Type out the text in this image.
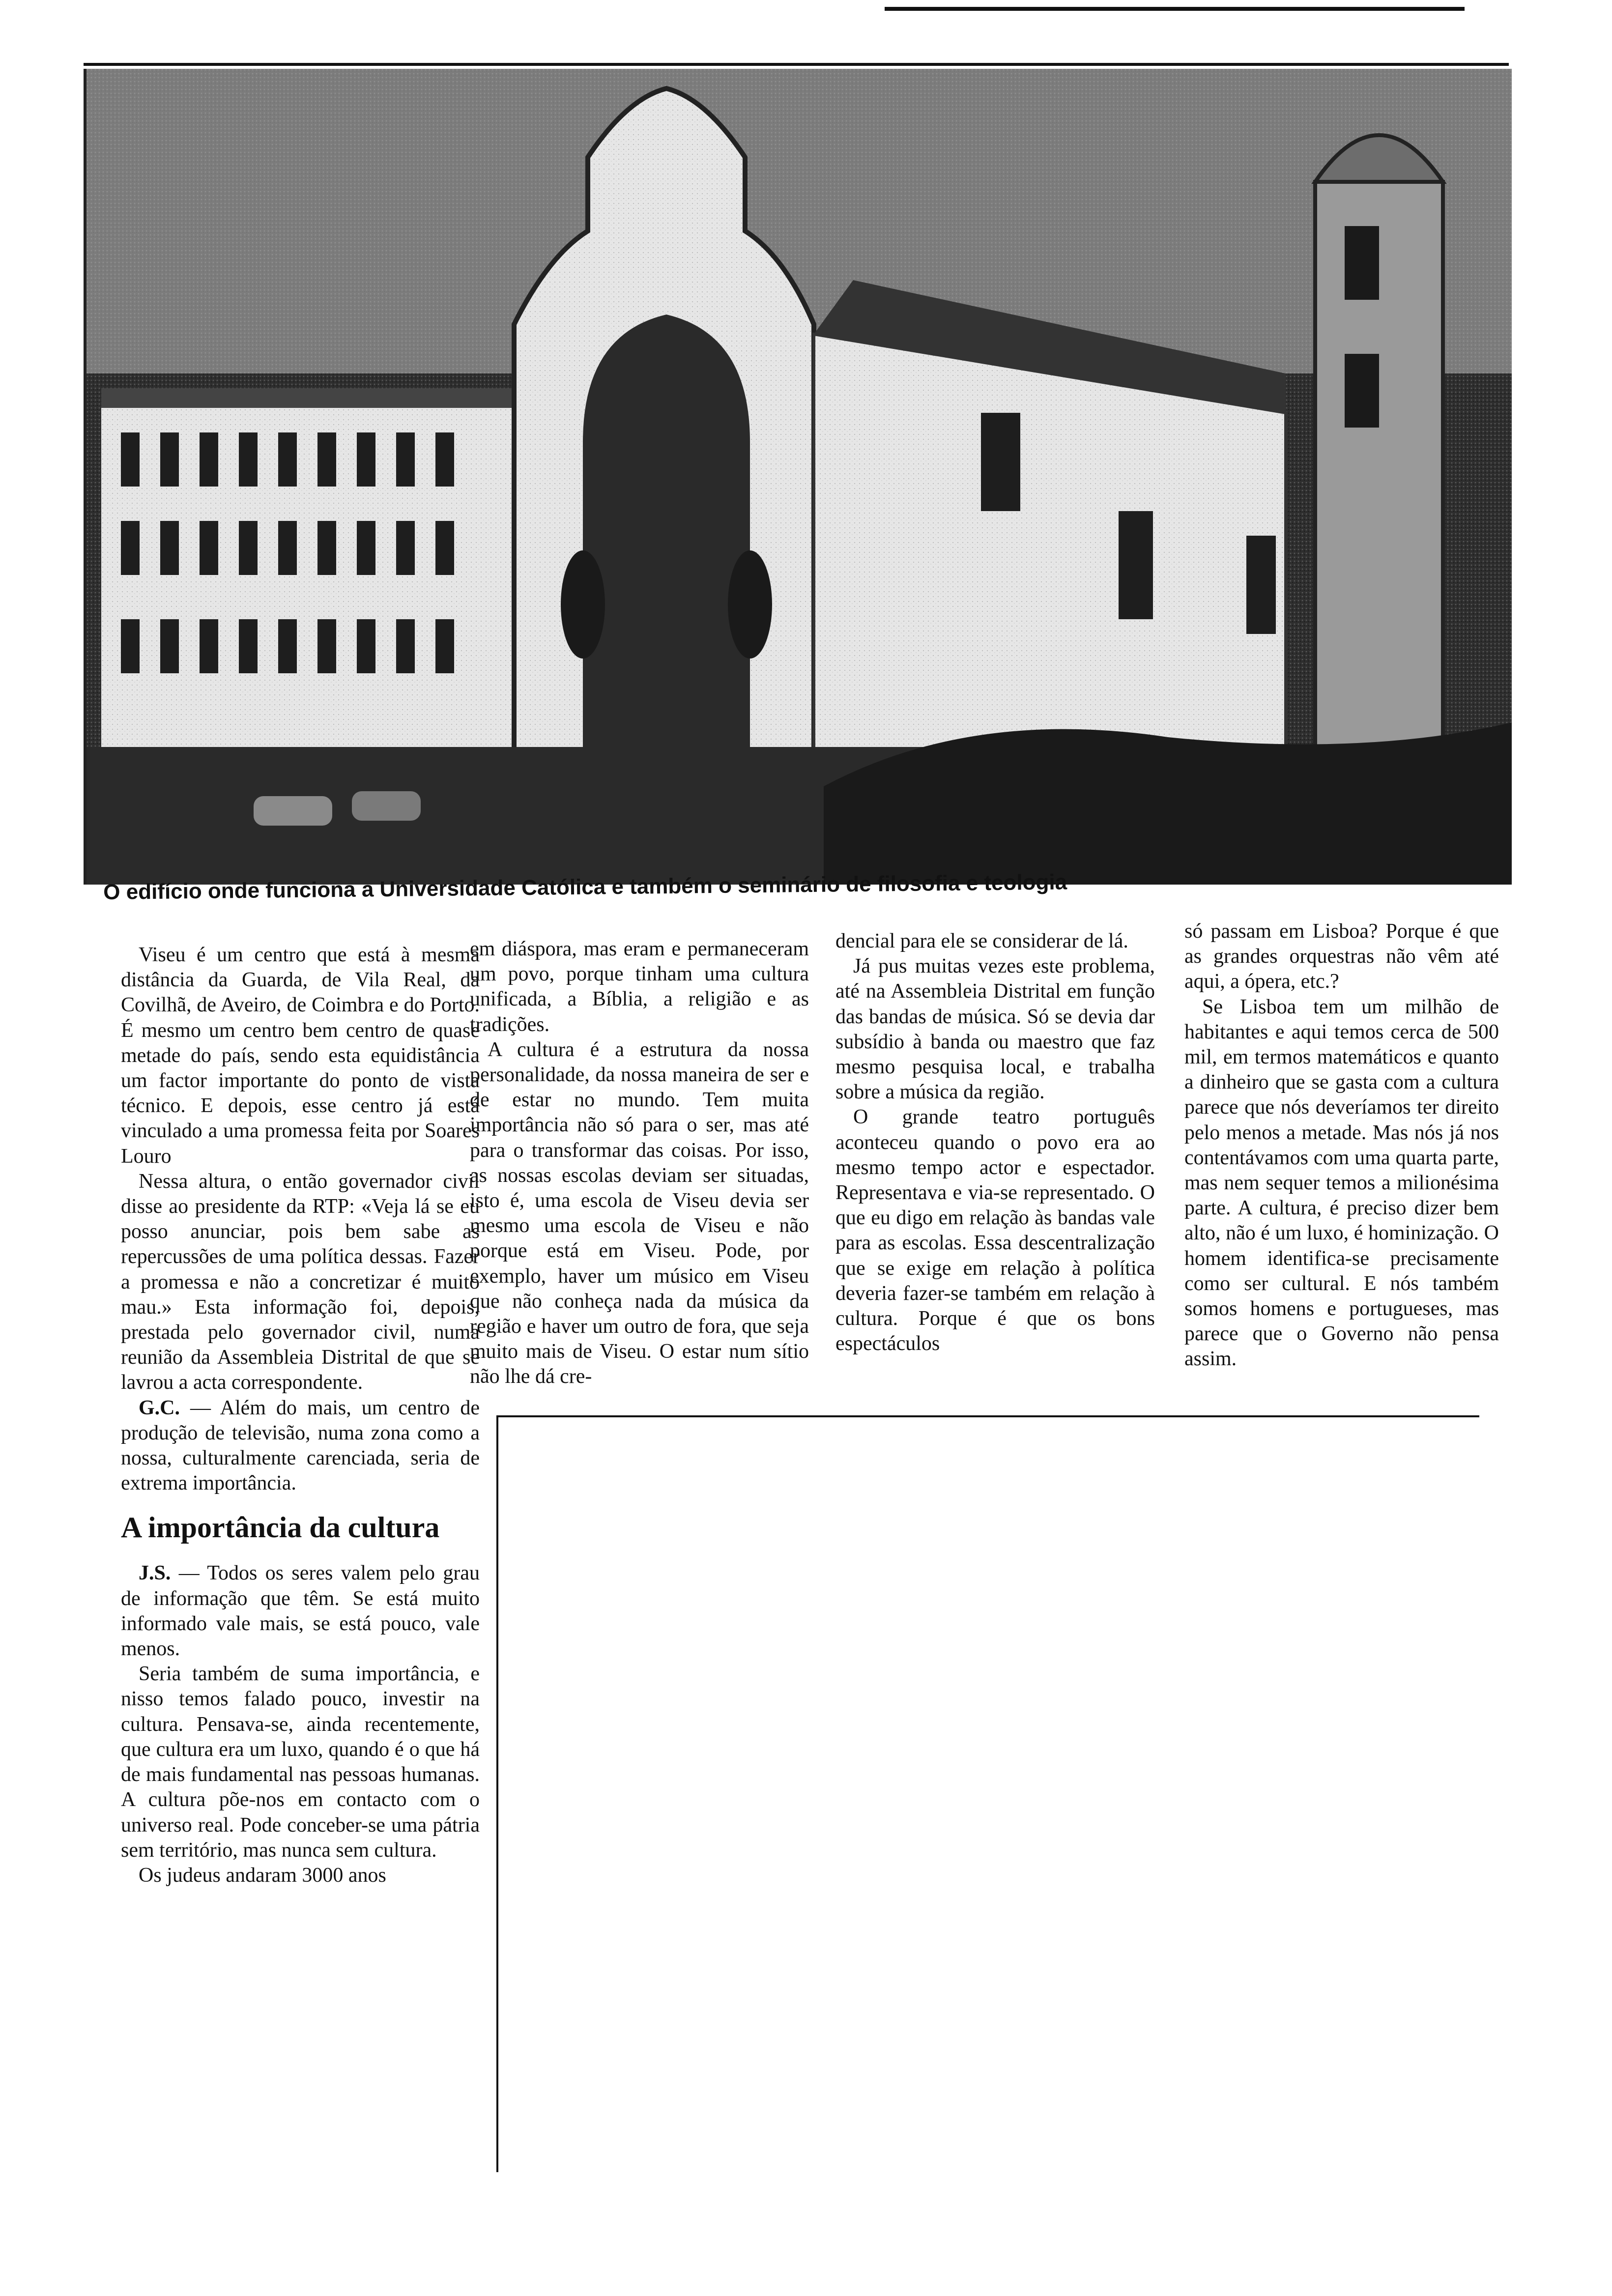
O edifício onde funciona a Universidade Católica e também o seminário de filosofia e teologia

Viseu é um centro que está à mesma distância da Guarda, de Vila Real, da Covilhã, de Aveiro, de Coimbra e do Porto. É mesmo um centro bem centro de quase metade do país, sendo esta equidistância um factor importante do ponto de vista técnico. E depois, esse centro já está vinculado a uma promessa feita por Soares Louro

Nessa altura, o então governador civil disse ao presidente da RTP: «Veja lá se eu posso anunciar, pois bem sabe as repercussões de uma política dessas. Fazer a promessa e não a concretizar é muito mau.» Esta informação foi, depois, prestada pelo governador civil, numa reunião da Assembleia Distrital de que se lavrou a acta correspondente.

G.C. — Além do mais, um centro de produção de televisão, numa zona como a nossa, culturalmente carenciada, seria de extrema importância.

A importância da cultura

J.S. — Todos os seres valem pelo grau de informação que têm. Se está muito informado vale mais, se está pouco, vale menos.

Seria também de suma importância, e nisso temos falado pouco, investir na cultura. Pensava-se, ainda recentemente, que cultura era um luxo, quando é o que há de mais fundamental nas pessoas humanas. A cultura põe-nos em contacto com o universo real. Pode conceber-se uma pátria sem território, mas nunca sem cultura.

Os judeus andaram 3000 anos

em diáspora, mas eram e permaneceram um povo, porque tinham uma cultura unificada, a Bíblia, a religião e as tradições.

A cultura é a estrutura da nossa personalidade, da nossa maneira de ser e de estar no mundo. Tem muita importância não só para o ser, mas até para o transformar das coisas. Por isso, as nossas escolas deviam ser situadas, isto é, uma escola de Viseu devia ser mesmo uma escola de Viseu e não porque está em Viseu. Pode, por exemplo, haver um músico em Viseu que não conheça nada da música da região e haver um outro de fora, que seja muito mais de Viseu. O estar num sítio não lhe dá cre-

dencial para ele se considerar de lá.

Já pus muitas vezes este problema, até na Assembleia Distrital em função das bandas de música. Só se devia dar subsídio à banda ou maestro que faz mesmo pesquisa local, e trabalha sobre a música da região.

O grande teatro português aconteceu quando o povo era ao mesmo tempo actor e espectador. Representava e via-se representado. O que eu digo em relação às bandas vale para as escolas. Essa descentralização que se exige em relação à política deveria fazer-se também em relação à cultura. Porque é que os bons espectáculos

só passam em Lisboa? Porque é que as grandes orquestras não vêm até aqui, a ópera, etc.?

Se Lisboa tem um milhão de habitantes e aqui temos cerca de 500 mil, em termos matemáticos e quanto a dinheiro que se gasta com a cultura parece que nós deveríamos ter direito pelo menos a metade. Mas nós já nos contentávamos com uma quarta parte, mas nem sequer temos a milionésima parte. A cultura, é preciso dizer bem alto, não é um luxo, é hominização. O homem identifica-se precisamente como ser cultural. E nós também somos homens e portugueses, mas parece que o Governo não pensa assim.
